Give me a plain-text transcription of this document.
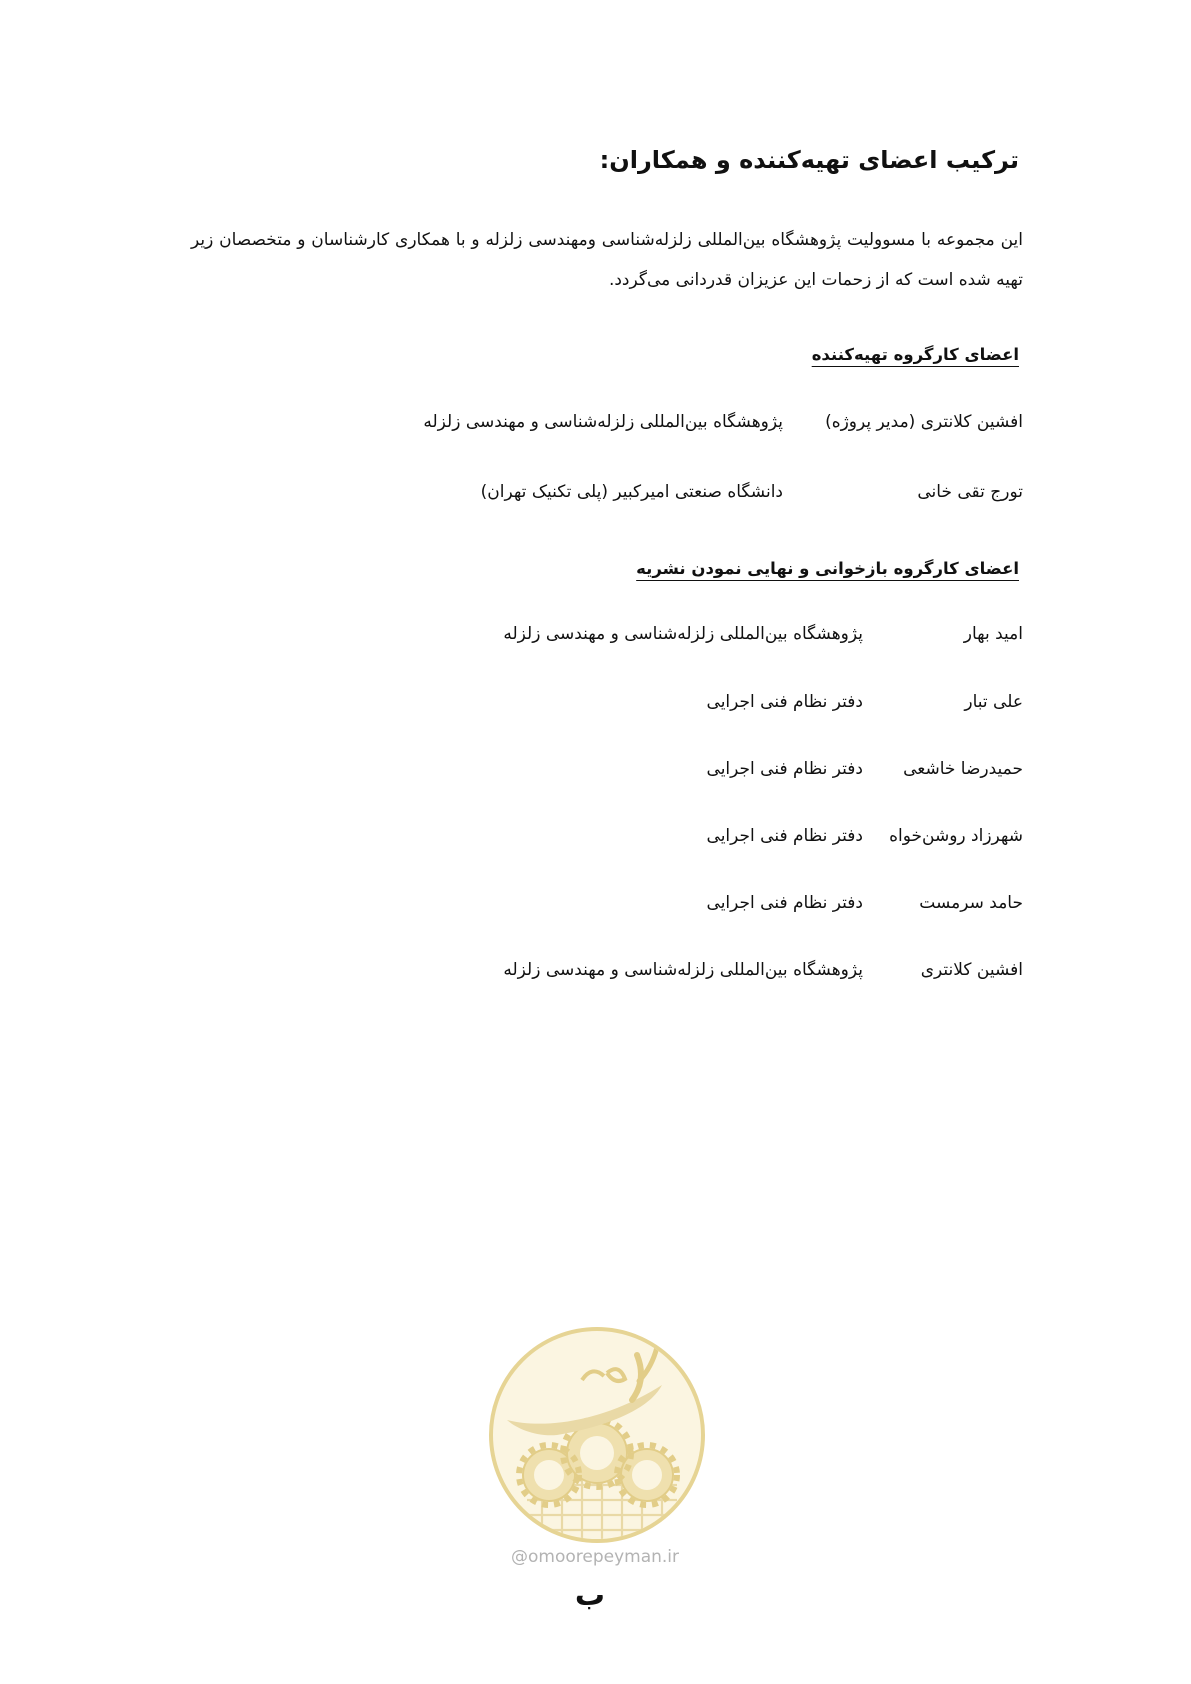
ترکیب اعضای تهیه‌کننده و همکاران:
این مجموعه با مسوولیت پژوهشگاه بین‌المللی زلزله‌شناسی ومهندسی زلزله و با همکاری کارشناسان و متخصصان زیر تهیه شده است که از زحمات این عزیزان قدردانی می‌گردد.
اعضای کارگروه تهیه‌کننده
افشین کلانتری (مدیر پروژه)
پژوهشگاه بین‌المللی زلزله‌شناسی و مهندسی زلزله
تورج تقی خانی
دانشگاه صنعتی امیرکبیر (پلی تکنیک تهران)
اعضای کارگروه بازخوانی و نهایی نمودن نشریه
امید بهار
پژوهشگاه بین‌المللی زلزله‌شناسی و مهندسی زلزله
علی تبار
دفتر نظام فنی اجرایی
حمیدرضا خاشعی
دفتر نظام فنی اجرایی
شهرزاد روشن‌خواه
دفتر نظام فنی اجرایی
حامد سرمست
دفتر نظام فنی اجرایی
افشین کلانتری
پژوهشگاه بین‌المللی زلزله‌شناسی و مهندسی زلزله
@omoorepeyman.ir
ب
